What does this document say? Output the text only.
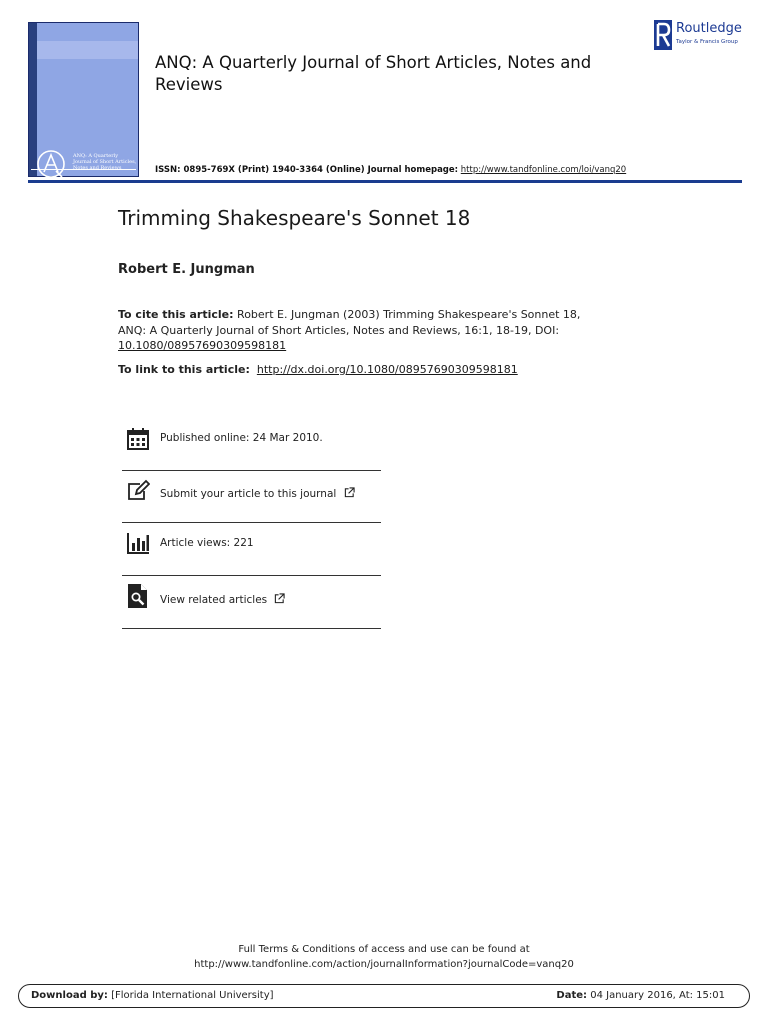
ANQ: A Quarterly Journal of Short Articles, Notes and Reviews
ANQ: A Quarterly Journal of Short Articles, Notes and Reviews
Routledge
Taylor & Francis Group
ISSN: 0895-769X (Print) 1940-3364 (Online) Journal homepage: http://www.tandfonline.com/loi/vanq20
Trimming Shakespeare's Sonnet 18
Robert E. Jungman
To cite this article: Robert E. Jungman (2003) Trimming Shakespeare's Sonnet 18, ANQ: A Quarterly Journal of Short Articles, Notes and Reviews, 16:1, 18-19, DOI: 10.1080/08957690309598181
To link to this article: http://dx.doi.org/10.1080/08957690309598181
Published online: 24 Mar 2010.
Submit your article to this journal
Article views: 221
View related articles
Full Terms & Conditions of access and use can be found at
http://www.tandfonline.com/action/journalInformation?journalCode=vanq20
Download by: [Florida International University]	Date: 04 January 2016, At: 15:01
